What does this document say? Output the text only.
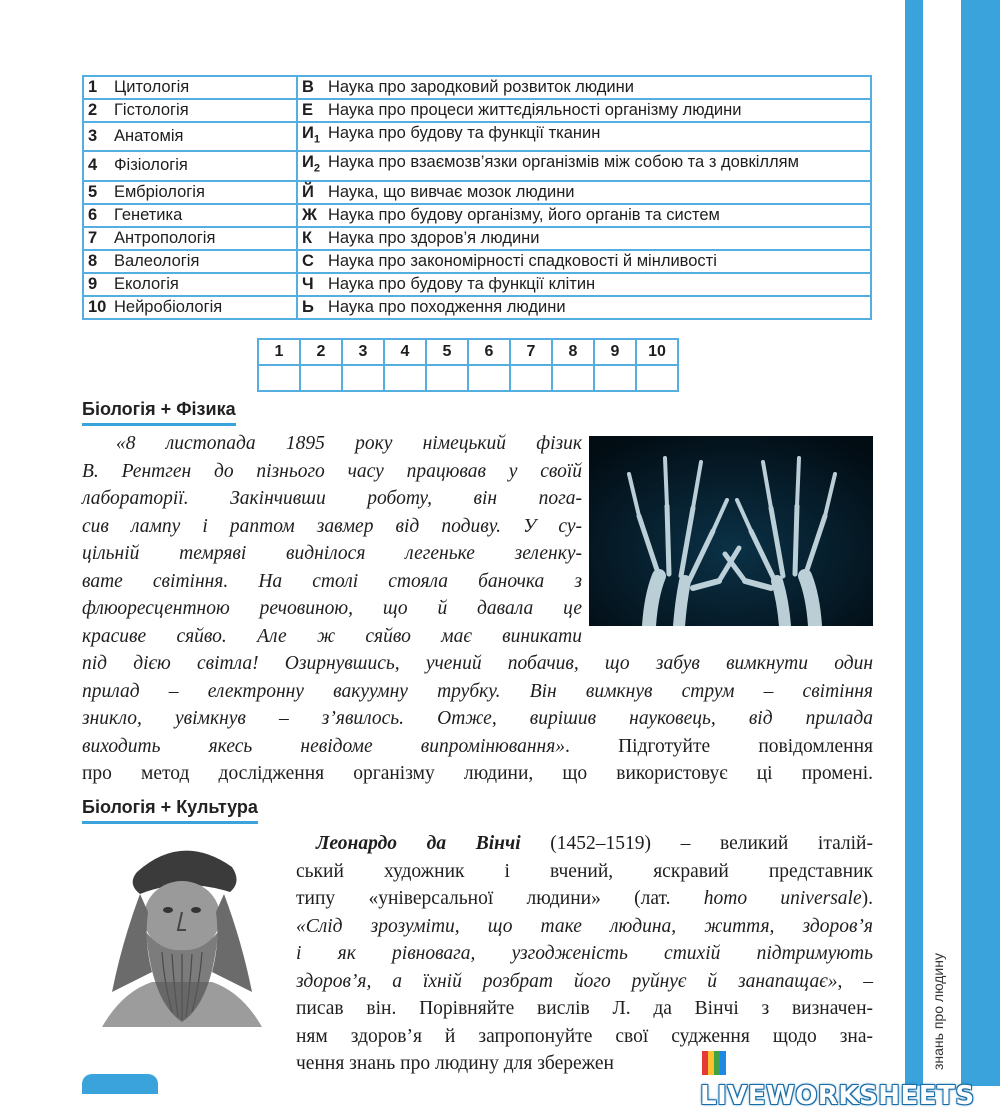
знань про людину
1 Цитологія	В Наука про зародковий розвиток людини
2 Гістологія	Е Наука про процеси життєдіяльності організму людини
3 Анатомія	$И_1$ Наука про будову та функції тканин
4 Фізіологія	$И_2$ Наука про взаємозв’язки організмів між собою та з довкіллям
5 Ембріологія	Й Наука, що вивчає мозок людини
6 Генетика	Ж Наука про будову організму, його органів та систем
7 Антропологія	К Наука про здоров’я людини
8 Валеологія	С Наука про закономірності спадковості й мінливості
9 Екологія	Ч Наука про будову та функції клітин
10 Нейробіологія	Ь Наука про походження людини
1	2	3	4	5	6	7	8	9	10

Біологія + Фізика

«8 листопада 1895 року німецький фізик

В. Рентген до пізнього часу працював у своїй

лабораторії. Закінчивши роботу, він пога-

сив лампу і раптом завмер від подиву. У су-

цільній темряві виднілося легеньке зеленку-

вате світіння. На столі стояла баночка з

флюоресцентною речовиною, що й давала це

красиве сяйво. Але ж сяйво має виникати

під дією світла! Озирнувшись, учений побачив, що забув вимкнути один

прилад – електронну вакуумну трубку. Він вимкнув струм – світіння

зникло, увімкнув – з’явилось. Отже, вирішив науковець, від прилада

виходить якесь невідоме випромінювання». Підготуйте повідомлення

про метод дослідження організму людини, що використовує ці промені.

Біологія + Культура

Леонардо да Вінчі (1452–1519) – великий італій-

ський художник і вчений, яскравий представник

типу «універсальної людини» (лат. homo universale).

«Слід зрозуміти, що таке людина, життя, здоров’я

і як рівновага, узгодженість стихій підтримують

здоров’я, а їхній розбрат його руйнує й занапащає», –

писав він. Порівняйте вислів Л. да Вінчі з визначен-

ням здоров’я й запропонуйте свої судження щодо зна-

чення знань про людину для збережен

LIVEWORKSHEETS
